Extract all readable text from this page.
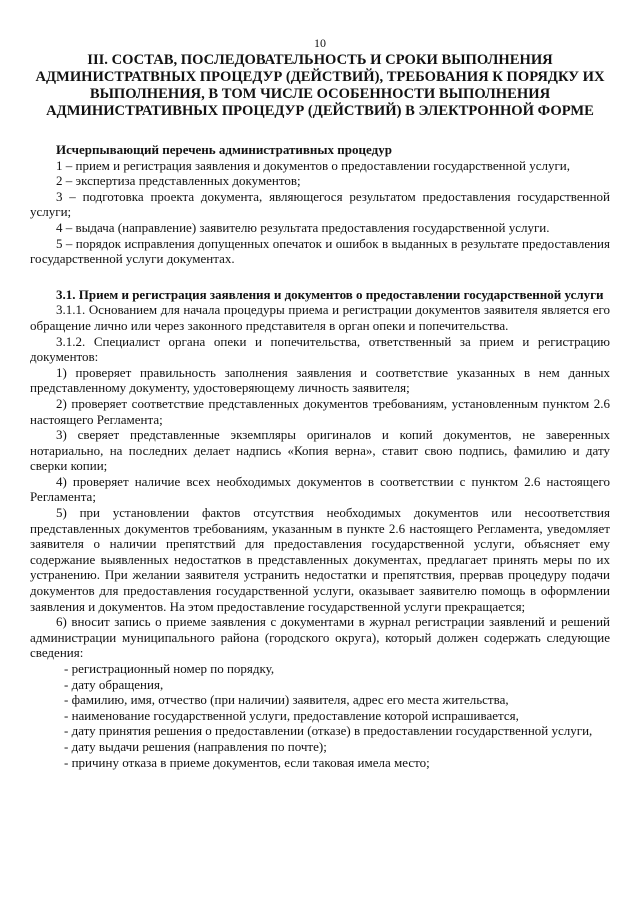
10
III. СОСТАВ, ПОСЛЕДОВАТЕЛЬНОСТЬ И СРОКИ ВЫПОЛНЕНИЯ АДМИНИСТРАТВНЫХ ПРОЦЕДУР (ДЕЙСТВИЙ), ТРЕБОВАНИЯ К ПОРЯДКУ ИХ ВЫПОЛНЕНИЯ, В ТОМ ЧИСЛЕ ОСОБЕННОСТИ ВЫПОЛНЕНИЯ АДМИНИСТРАТИВНЫХ ПРОЦЕДУР (ДЕЙСТВИЙ) В ЭЛЕКТРОННОЙ ФОРМЕ
Исчерпывающий перечень административных процедур

1 – прием и регистрация заявления и документов о предоставлении государственной услуги,

2 – экспертиза представленных документов;

3 – подготовка проекта документа, являющегося результатом предоставления государственной услуги;

4 – выдача (направление) заявителю результата предоставления государственной услуги.

5 – порядок исправления допущенных опечаток и ошибок в выданных в результате предоставления государственной услуги документах.

3.1. Прием и регистрация заявления и документов о предоставлении государственной услуги

3.1.1. Основанием для начала процедуры приема и регистрации документов заявителя является его обращение лично или через законного представителя в орган опеки и попечительства.

3.1.2. Специалист органа опеки и попечительства, ответственный за прием и регистрацию документов:

1) проверяет правильность заполнения заявления и соответствие указанных в нем данных представленному документу, удостоверяющему личность заявителя;

2) проверяет соответствие представленных документов требованиям, установленным пунктом 2.6 настоящего Регламента;

3) сверяет представленные экземпляры оригиналов и копий документов, не заверенных нотариально, на последних делает надпись «Копия верна», ставит свою подпись, фамилию и дату сверки копии;

4) проверяет наличие всех необходимых документов в соответствии с пунктом 2.6 настоящего Регламента;

5) при установлении фактов отсутствия необходимых документов или несоответствия представленных документов требованиям, указанным в пункте 2.6 настоящего Регламента, уведомляет заявителя о наличии препятствий для предоставления государственной услуги, объясняет ему содержание выявленных недостатков в представленных документах, предлагает принять меры по их устранению. При желании заявителя устранить недостатки и препятствия, прервав процедуру подачи документов для предоставления государственной услуги, оказывает заявителю помощь в оформлении заявления и документов. На этом предоставление государственной услуги прекращается;

6) вносит запись о приеме заявления с документами в журнал регистрации заявлений и решений администрации муниципального района (городского округа), который должен содержать следующие сведения:

- регистрационный номер по порядку,
- дату обращения,
- фамилию, имя, отчество (при наличии) заявителя, адрес его места жительства,
- наименование государственной услуги, предоставление которой испрашивается,
- дату принятия решения о предоставлении (отказе) в предоставлении государственной услуги,
- дату выдачи решения (направления по почте);
- причину отказа в приеме документов, если таковая имела место;
